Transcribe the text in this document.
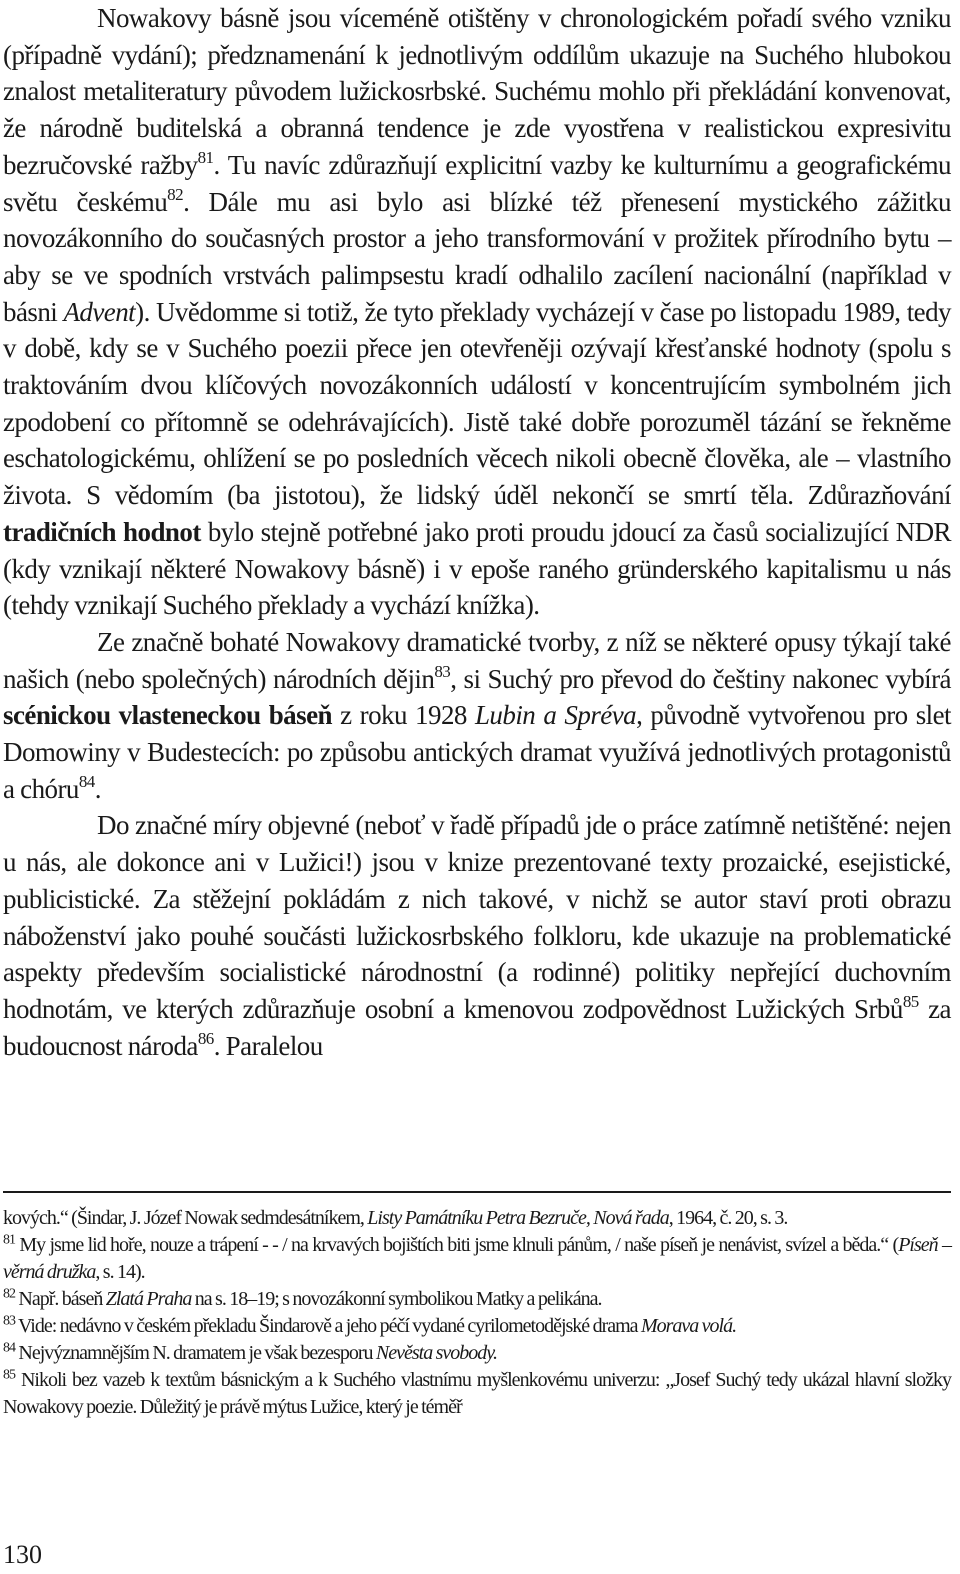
Nowakovy básně jsou víceméně otištěny v chronologickém pořadí svého vzniku (případně vydání); předznamenání k jednotlivým oddílům ukazuje na Suchého hlubokou znalost metaliteratury původem lužickosrbské. Suchému mohlo při překládání konvenovat, že národně buditelská a obranná tendence je zde vyostřena v realistickou expresivitu bezručovské ražby$^{81}$. Tu navíc zdůrazňují explicitní vazby ke kulturnímu a geografickému světu českému$^{82}$. Dále mu asi bylo asi blízké též přenesení mystického zážitku novozákonního do současných prostor a jeho transformování v prožitek přírodního bytu – aby se ve spodních vrstvách palimpsestu kradí odhalilo zacílení nacionální (například v básni Advent). Uvědomme si totiž, že tyto překlady vycházejí v čase po listopadu 1989, tedy v době, kdy se v Suchého poezii přece jen otevřeněji ozývají křesťanské hodnoty (spolu s traktováním dvou klíčových novozákonních událostí v koncentrujícím symbolném jich zpodobení co přítomně se odehrávajících). Jistě také dobře porozuměl tázání se řekněme eschatologickému, ohlížení se po posledních věcech nikoli obecně člověka, ale – vlastního života. S vědomím (ba jistotou), že lidský úděl nekončí se smrtí těla. Zdůrazňování tradičních hodnot bylo stejně potřebné jako proti proudu jdoucí za časů socializující NDR (kdy vznikají některé Nowakovy básně) i v epoše raného gründerského kapitalismu u nás (tehdy vznikají Suchého překlady a vychází knížka).

Ze značně bohaté Nowakovy dramatické tvorby, z níž se některé opusy týkají také našich (nebo společných) národních dějin$^{83}$, si Suchý pro převod do češtiny nakonec vybírá scénickou vlasteneckou báseň z roku 1928 Lubin a Spréva, původně vytvořenou pro slet Domowiny v Budestecích: po způsobu antických dramat využívá jednotlivých protagonistů a chóru$^{84}$.

Do značné míry objevné (neboť v řadě případů jde o práce zatímně netištěné: nejen u nás, ale dokonce ani v Lužici!) jsou v knize prezentované texty prozaické, esejistické, publicistické. Za stěžejní pokládám z nich takové, v nichž se autor staví proti obrazu náboženství jako pouhé součásti lužickosrbského folkloru, kde ukazuje na problematické aspekty především socialistické národnostní (a rodinné) politiky nepřející duchovním hodnotám, ve kterých zdůrazňuje osobní a kmenovou zodpovědnost Lužických Srbů$^{85}$ za budoucnost národa$^{86}$. Paralelou

kových.“ (Šindar, J. Józef Nowak sedmdesátníkem, Listy Památníku Petra Bezruče, Nová řada, 1964, č. 20, s. 3.

$^{81}$ My jsme lid hoře, nouze a trápení - - / na krvavých bojištích biti jsme klnuli pánům, / naše píseň je nenávist, svízel a běda.“ (Píseň – věrná družka, s. 14).

$^{82}$ Např. báseň Zlatá Praha na s. 18–19; s novozákonní symbolikou Matky a pelikána.

$^{83}$ Vide: nedávno v českém překladu Šindarově a jeho péčí vydané cyrilometodějské drama Morava volá.

$^{84}$ Nejvýznamnějším N. dramatem je však bezesporu Nevěsta svobody.

$^{85}$ Nikoli bez vazeb k textům básnickým a k Suchého vlastnímu myšlenkovému univerzu: „Josef Suchý tedy ukázal hlavní složky Nowakovy poezie. Důležitý je právě mýtus Lužice, který je téměř

130
